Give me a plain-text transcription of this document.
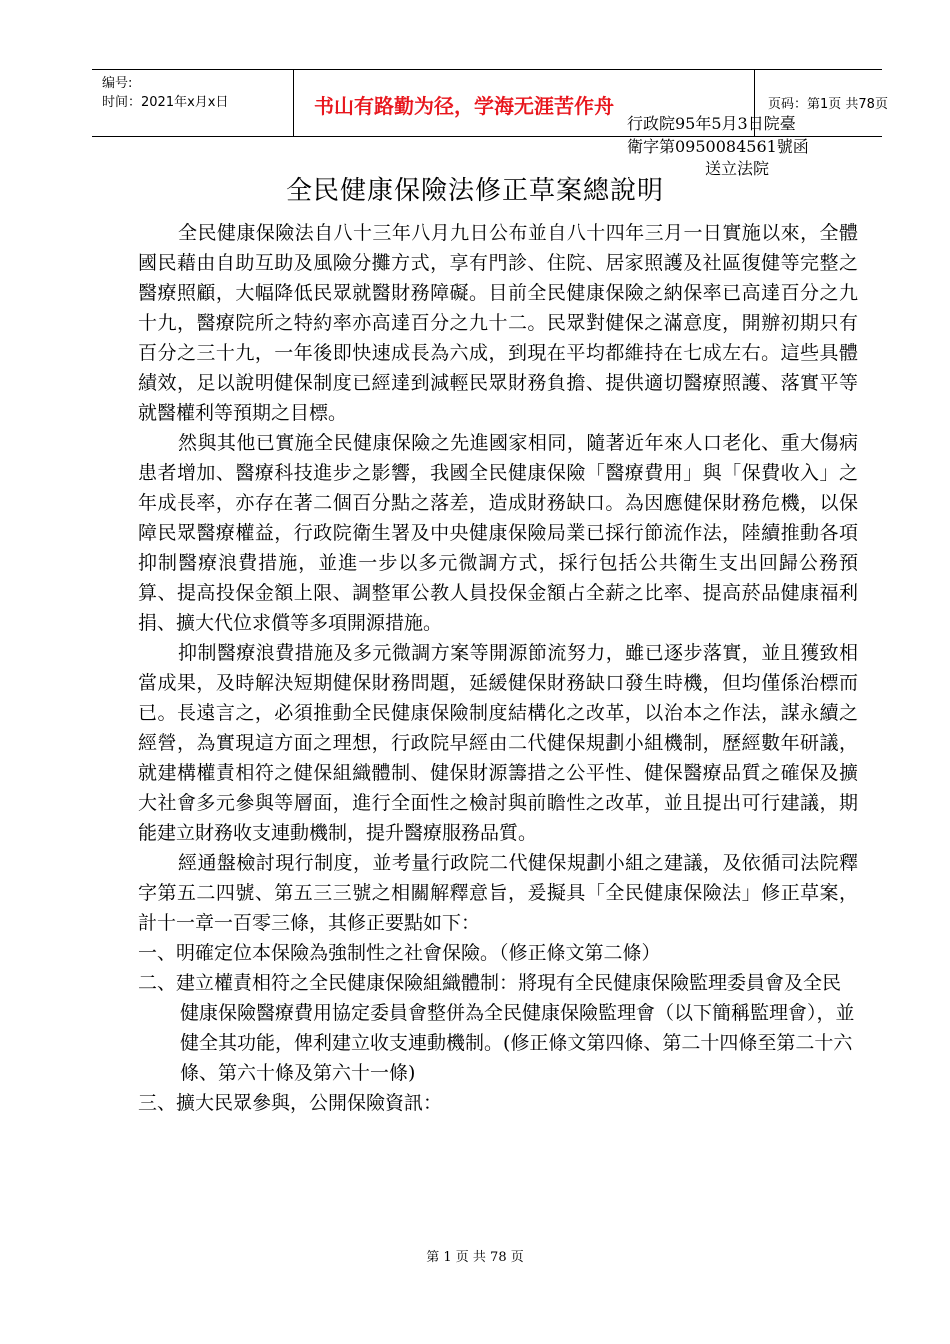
编号:
时间：2021年x月x日	书山有路勤为径，学海无涯苦作舟	页码：第1页 共78页
行政院95年5月3日院臺
衛字第0950084561號函
送立法院
全民健康保險法修正草案總說明

全民健康保險法自八十三年八月九日公布並自八十四年三月一日實施以來，全體國民藉由自助互助及風險分攤方式，享有門診、住院、居家照護及社區復健等完整之醫療照顧，大幅降低民眾就醫財務障礙。目前全民健康保險之納保率已高達百分之九十九，醫療院所之特約率亦高達百分之九十二。民眾對健保之滿意度，開辦初期只有百分之三十九，一年後即快速成長為六成，到現在平均都維持在七成左右。這些具體績效，足以說明健保制度已經達到減輕民眾財務負擔、提供適切醫療照護、落實平等就醫權利等預期之目標。

然與其他已實施全民健康保險之先進國家相同，隨著近年來人口老化、重大傷病患者增加、醫療科技進步之影響，我國全民健康保險「醫療費用」與「保費收入」之年成長率，亦存在著二個百分點之落差，造成財務缺口。為因應健保財務危機，以保障民眾醫療權益，行政院衛生署及中央健康保險局業已採行節流作法，陸續推動各項抑制醫療浪費措施，並進一步以多元微調方式，採行包括公共衛生支出回歸公務預算、提高投保金額上限、調整軍公教人員投保金額占全薪之比率、提高菸品健康福利捐、擴大代位求償等多項開源措施。

抑制醫療浪費措施及多元微調方案等開源節流努力，雖已逐步落實，並且獲致相當成果，及時解決短期健保財務問題，延緩健保財務缺口發生時機，但均僅係治標而已。長遠言之，必須推動全民健康保險制度結構化之改革，以治本之作法，謀永續之經營，為實現這方面之理想，行政院早經由二代健保規劃小組機制，歷經數年研議，就建構權責相符之健保組織體制、健保財源籌措之公平性、健保醫療品質之確保及擴大社會多元參與等層面，進行全面性之檢討與前瞻性之改革，並且提出可行建議，期能建立財務收支連動機制，提升醫療服務品質。

經通盤檢討現行制度，並考量行政院二代健保規劃小組之建議，及依循司法院釋字第五二四號、第五三三號之相關解釋意旨，爰擬具「全民健康保險法」修正草案，計十一章一百零三條，其修正要點如下：

一、明確定位本保險為強制性之社會保險。（修正條文第二條）

二、建立權責相符之全民健康保險組織體制：將現有全民健康保險監理委員會及全民健康保險醫療費用協定委員會整併為全民健康保險監理會（以下簡稱監理會），並健全其功能，俾利建立收支連動機制。(修正條文第四條、第二十四條至第二十六條、第六十條及第六十一條)

三、擴大民眾參與，公開保險資訊：

第 1 页 共 78 页
